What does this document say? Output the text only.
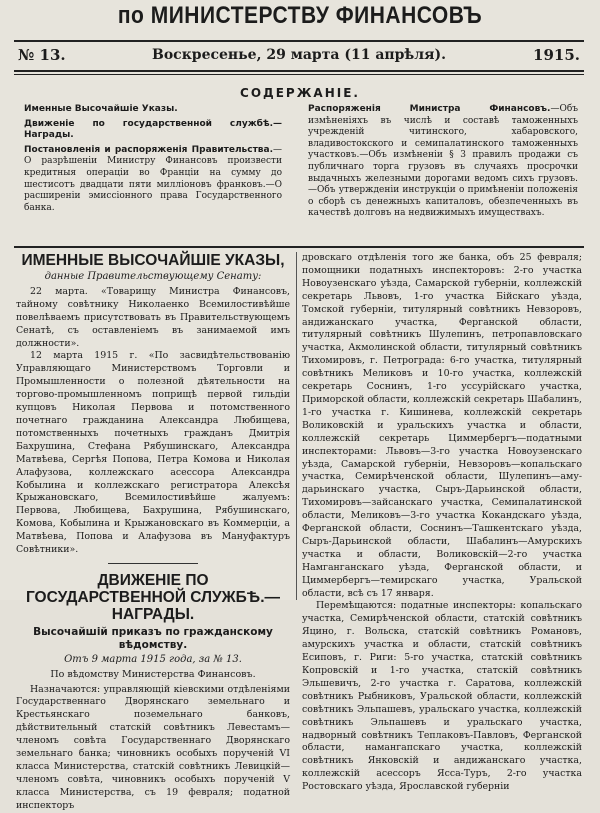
по МИНИСТЕРСТВУ ФИНАНСОВЪ
№ 13.	Воскресенье, 29 марта (11 апрѣля).	1915.
СОДЕРЖАНІЕ.

Именные Высочайшіе Указы.

Движеніе по государственной службѣ.—Награды.

Постановленія и распоряженія Правительства.— О разрѣшеніи Министру Финансовъ произвести кредитныя операціи во Франціи на сумму до шестисотъ двадцати пяти милліоновъ франковъ.—О расширеніи эмиссіонного права Государственного банка.

Распоряженія Министра Финансовъ.—Объ измѣненіяхъ въ числѣ и составѣ таможенныхъ учрежденій читинского, хабаровского, владивостокского и семипалатинского таможенныхъ участковъ.—Объ измѣненіи § 3 правилъ продажи съ публичнаго торга грузовъ въ случаяхъ просрочки выдачныхъ железными дорогами ведомъ сихъ грузовъ.—Объ утвержденіи инструкціи о примѣненіи положенія о сборѣ съ денежныхъ капиталовъ, обезпеченныхъ въ качествѣ долговъ на недвижимыхъ имуществахъ.

ИМЕННЫЕ ВЫСОЧАЙШІЕ УКАЗЫ,
данные Правительствующему Сенату:

22 марта. «Товарищу Министра Финансовъ, тайному совѣтнику Николаенко Всемилостивѣйше повелѣваемъ присутствовать въ Правительствующемъ Сенатѣ, съ оставленіемъ въ занимаемой имъ должности».

12 марта 1915 г. «По засвидѣтельствованію Управляющаго Министерствомъ Торговли и Промышленности о полезной дѣятельности на торгово-промышленномъ поприщѣ первой гильдіи купцовъ Николая Первова и потомственного почетнаго гражданина Александра Любищева, потомственныхъ почетныхъ гражданъ Дмитрія Бахрушина, Стефана Рябушинскаго, Александра Матвѣева, Сергѣя Попова, Петра Комова и Николая Алафузова, коллежскаго асессора Александра Кобылина и коллежскаго регистратора Алексѣя Крыжановскаго, Всемилостивѣйше жалуемъ: Первова, Любищева, Бахрушина, Рябушинскаго, Комова, Кобылина и Крыжановскаго въ Коммерціи, а Матвѣева, Попова и Алафузова въ Мануфактуръ Совѣтники».

ДВИЖЕНІЕ ПО ГОСУДАРСТВЕННОЙ СЛУЖБѢ.—НАГРАДЫ.
Высочайшій приказъ по гражданскому вѣдомству.
Отъ 9 марта 1915 года, за № 13.
По вѣдомству Министерства Финансовъ.

Назначаются: управляющій кіевскими отдѣленіями Государственнаго Дворянскаго земельнаго и Крестьянскаго поземельнаго банковъ, дѣйствительный статскій совѣтникъ Левестамъ—членомъ совѣта Государственнаго Дворянскаго земельнаго банка; чиновникъ особыхъ порученій VI класса Министерства, статскій совѣтникъ Левицкій—членомъ совѣта, чиновникъ особыхъ порученій V класса Министерства, съ 19 февраля; податной инспекторъ

дровскаго отдѣленія того же банка, объ 25 февраля; помощники податныхъ инспекторовъ: 2-го участка Новоузенскаго уѣзда, Самарской губерніи, коллежскій секретарь Львовъ, 1-го участка Бійскаго уѣзда, Томской губерніи, титулярный совѣтникъ Невзоровъ, андижанскаго участка, Ферганской области, титулярный совѣтникъ Шулепинъ, петропавловскаго участка, Акмолинской области, титулярный совѣтникъ Тихомировъ, г. Петрограда: 6-го участка, титулярный совѣтникъ Меликовъ и 10-го участка, коллежскій секретарь Соснинъ, 1-го уссурійскаго участка, Приморской области, коллежскій секретарь Шабалинъ, 1-го участка г. Кишинева, коллежскій секретарь Воликовскій и уральскихъ участка и области, коллежскій секретарь Циммербергъ—податными инспекторами: Львовъ—3-го участка Новоузенскаго уѣзда, Самарской губерніи, Невзоровъ—копальскаго участка, Семирѣченской области, Шулепинъ—аму-дарьинскаго участка, Сыръ-Дарьинской области, Тихомировъ—зайсанскаго участка, Семипалатинской области, Меликовъ—3-го участка Кокандскаго уѣзда, Ферганской области, Соснинъ—Ташкентскаго уѣзда, Сыръ-Дарьинской области, Шабалинъ—Амурскихъ участка и области, Воликовскій—2-го участка Намганганскаго уѣзда, Ферганской области, и Циммербергъ—темирскаго участка, Уральской области, всѣ съ 17 января.

Перемѣщаются: податные инспекторы: копальскаго участка, Семирѣченской области, статскій совѣтникъ Яцино, г. Вольска, статскій совѣтникъ Романовъ, амурскихъ участка и области, статскій совѣтникъ Есиповъ, г. Риги: 5-го участка, статскій совѣтникъ Копровскій и 1-го участка, статскій совѣтникъ Эльшевичъ, 2-го участка г. Саратова, коллежскій совѣтникъ Рыбниковъ, Уральской области, коллежскій совѣтникъ Эльпашевъ, уральскаго участка, коллежскій совѣтникъ Эльпашевъ и уральскаго участка, надворный совѣтникъ Теплаковъ-Павловъ, Ферганской области, намангапскаго участка, коллежскій совѣтникъ Янковскій и андижанскаго участка, коллежскій асессоръ Ясса-Туръ, 2-го участка Ростовскаго уѣзда, Ярославской губерніи
